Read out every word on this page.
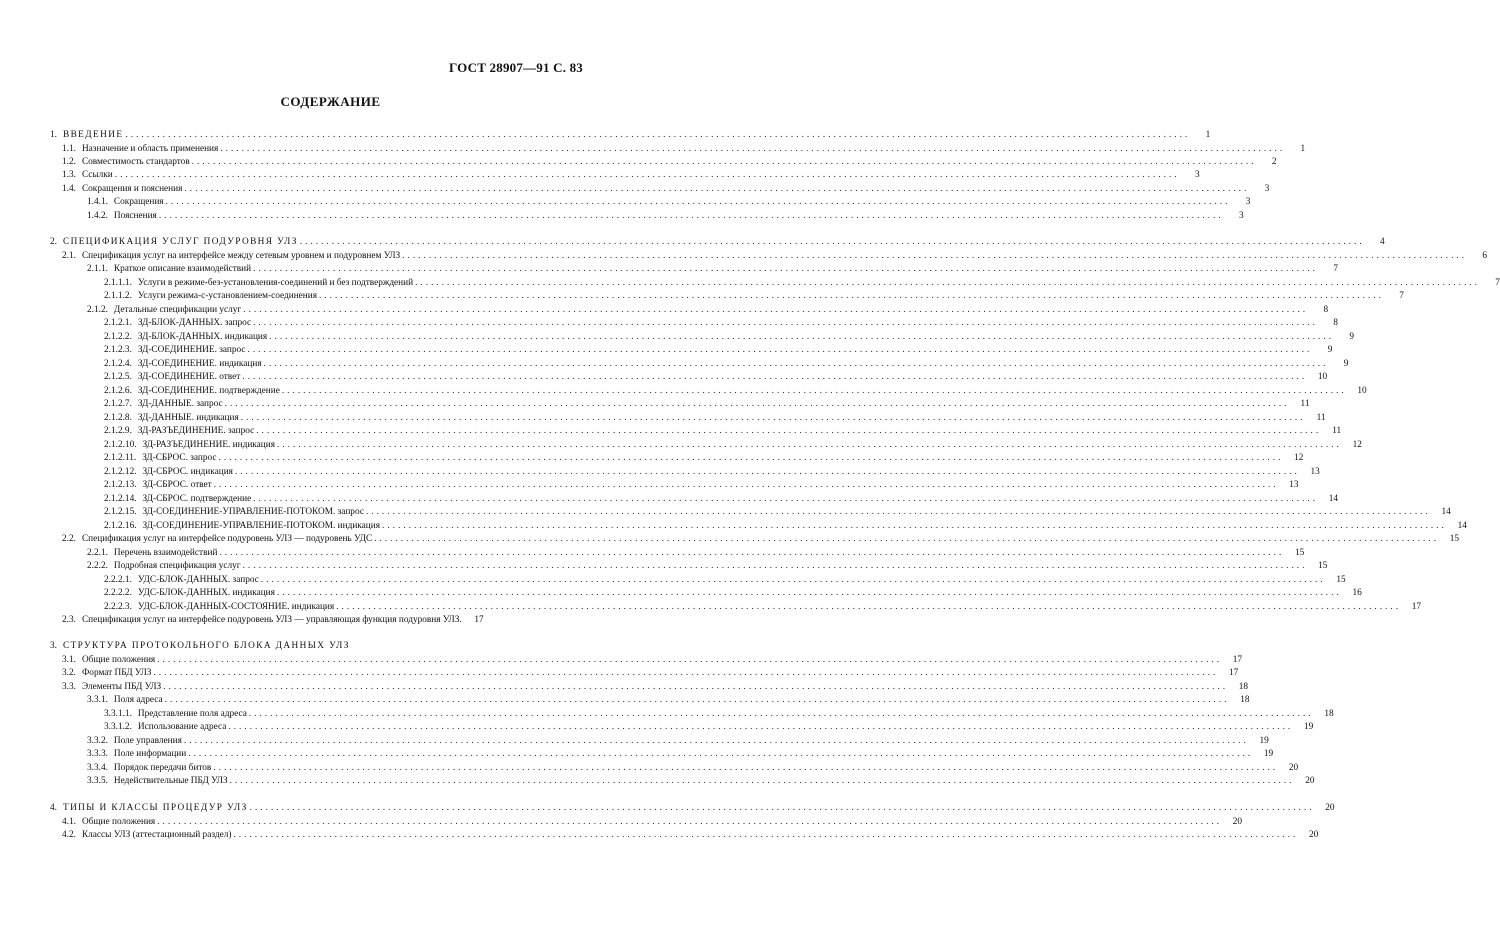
ГОСТ 28907—91 С. 83
СОДЕРЖАНИЕ
1. ВВЕДЕНИЕ ........................................................................................................................................................................................................	1
1.1. Назначение и область применения ........................................................................................................................................................................................................	1
1.2. Совместимость стандартов ........................................................................................................................................................................................................	2
1.3. Ссылки ........................................................................................................................................................................................................	3
1.4. Сокращения и пояснения ........................................................................................................................................................................................................	3
1.4.1. Сокращения ........................................................................................................................................................................................................	3
1.4.2. Пояснения ........................................................................................................................................................................................................	3
2. СПЕЦИФИКАЦИЯ УСЛУГ ПОДУРОВНЯ УЛЗ ........................................................................................................................................................................................................	4
2.1. Спецификация услуг на интерфейсе между сетевым уровнем и подуровнем УЛЗ ........................................................................................................................................................................................................	6
2.1.1. Краткое описание взаимодействий ........................................................................................................................................................................................................	7
2.1.1.1. Услуги в режиме-без-установления-соединений и без подтверждений ........................................................................................................................................................................................................	7
2.1.1.2. Услуги режима-с-установлением-соединения ........................................................................................................................................................................................................	7
2.1.2. Детальные спецификации услуг ........................................................................................................................................................................................................	8
2.1.2.1. ЗД-БЛОК-ДАННЫХ. запрос ........................................................................................................................................................................................................	8
2.1.2.2. ЗД-БЛОК-ДАННЫХ. индикация ........................................................................................................................................................................................................	9
2.1.2.3. ЗД-СОЕДИНЕНИЕ. запрос ........................................................................................................................................................................................................	9
2.1.2.4. ЗД-СОЕДИНЕНИЕ. индикация ........................................................................................................................................................................................................	9
2.1.2.5. ЗД-СОЕДИНЕНИЕ. ответ ........................................................................................................................................................................................................	10
2.1.2.6. ЗД-СОЕДИНЕНИЕ. подтверждение ........................................................................................................................................................................................................	10
2.1.2.7. ЗД-ДАННЫЕ. запрос ........................................................................................................................................................................................................	11
2.1.2.8. ЗД-ДАННЫЕ. индикация ........................................................................................................................................................................................................	11
2.1.2.9. ЗД-РАЗЪЕДИНЕНИЕ. запрос ........................................................................................................................................................................................................	11
2.1.2.10. ЗД-РАЗЪЕДИНЕНИЕ. индикация ........................................................................................................................................................................................................	12
2.1.2.11. ЗД-СБРОС. запрос ........................................................................................................................................................................................................	12
2.1.2.12. ЗД-СБРОС. индикация ........................................................................................................................................................................................................	13
2.1.2.13. ЗД-СБРОС. ответ ........................................................................................................................................................................................................	13
2.1.2.14. ЗД-СБРОС. подтверждение ........................................................................................................................................................................................................	14
2.1.2.15. ЗД-СОЕДИНЕНИЕ-УПРАВЛЕНИЕ-ПОТОКОМ. запрос ........................................................................................................................................................................................................	14
2.1.2.16. ЗД-СОЕДИНЕНИЕ-УПРАВЛЕНИЕ-ПОТОКОМ. индикация ........................................................................................................................................................................................................	14
2.2. Спецификация услуг на интерфейсе подуровень УЛЗ — подуровень УДС ........................................................................................................................................................................................................	15
2.2.1. Перечень взаимодействий ........................................................................................................................................................................................................	15
2.2.2. Подробная спецификация услуг ........................................................................................................................................................................................................	15
2.2.2.1. УДС-БЛОК-ДАННЫХ. запрос ........................................................................................................................................................................................................	15
2.2.2.2. УДС-БЛОК-ДАННЫХ. индикация ........................................................................................................................................................................................................	16
2.2.2.3. УДС-БЛОК-ДАННЫХ-СОСТОЯНИЕ. индикация ........................................................................................................................................................................................................	17
2.3. Спецификация услуг на интерфейсе подуровень УЛЗ — управляющая функция подуровня УЛЗ.	17
3. СТРУКТУРА ПРОТОКОЛЬНОГО БЛОКА ДАННЫХ УЛЗ
3.1. Общие положения ........................................................................................................................................................................................................	17
3.2. Формат ПБД УЛЗ ........................................................................................................................................................................................................	17
3.3. Элементы ПБД УЛЗ ........................................................................................................................................................................................................	18
3.3.1. Поля адреса ........................................................................................................................................................................................................	18
3.3.1.1. Представление поля адреса ........................................................................................................................................................................................................	18
3.3.1.2. Использование адреса ........................................................................................................................................................................................................	19
3.3.2. Поле управления ........................................................................................................................................................................................................	19
3.3.3. Поле информации ........................................................................................................................................................................................................	19
3.3.4. Порядок передачи битов ........................................................................................................................................................................................................	20
3.3.5. Недействительные ПБД УЛЗ ........................................................................................................................................................................................................	20
4. ТИПЫ И КЛАССЫ ПРОЦЕДУР УЛЗ ........................................................................................................................................................................................................	20
4.1. Общие положения ........................................................................................................................................................................................................	20
4.2. Классы УЛЗ (аттестационный раздел) ........................................................................................................................................................................................................	20
